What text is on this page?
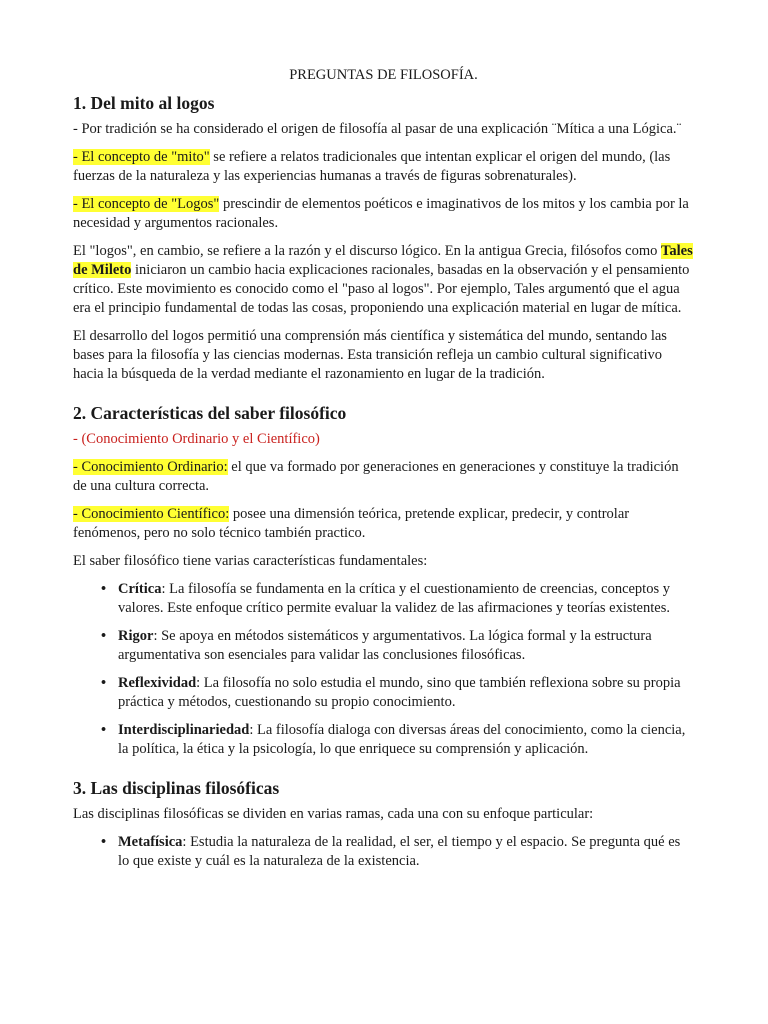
PREGUNTAS DE FILOSOFÍA.
1. Del mito al logos

- Por tradición se ha considerado el origen de filosofía al pasar de una explicación ¨Mítica a una Lógica.¨

- El concepto de "mito" se refiere a relatos tradicionales que intentan explicar el origen del mundo, (las fuerzas de la naturaleza y las experiencias humanas a través de figuras sobrenaturales).

- El concepto de "Logos" prescindir de elementos poéticos e imaginativos de los mitos y los cambia por la necesidad y argumentos racionales.

El "logos", en cambio, se refiere a la razón y el discurso lógico. En la antigua Grecia, filósofos como Tales de Mileto iniciaron un cambio hacia explicaciones racionales, basadas en la observación y el pensamiento crítico. Este movimiento es conocido como el "paso al logos". Por ejemplo, Tales argumentó que el agua era el principio fundamental de todas las cosas, proponiendo una explicación material en lugar de mítica.

El desarrollo del logos permitió una comprensión más científica y sistemática del mundo, sentando las bases para la filosofía y las ciencias modernas. Esta transición refleja un cambio cultural significativo hacia la búsqueda de la verdad mediante el razonamiento en lugar de la tradición.

2. Características del saber filosófico

- (Conocimiento Ordinario y el Científico)

- Conocimiento Ordinario: el que va formado por generaciones en generaciones y constituye la tradición de una cultura correcta.

- Conocimiento Científico: posee una dimensión teórica, pretende explicar, predecir, y controlar fenómenos, pero no solo técnico también practico.

El saber filosófico tiene varias características fundamentales:

• Crítica: La filosofía se fundamenta en la crítica y el cuestionamiento de creencias, conceptos y valores. Este enfoque crítico permite evaluar la validez de las afirmaciones y teorías existentes.
• Rigor: Se apoya en métodos sistemáticos y argumentativos. La lógica formal y la estructura argumentativa son esenciales para validar las conclusiones filosóficas.
• Reflexividad: La filosofía no solo estudia el mundo, sino que también reflexiona sobre su propia práctica y métodos, cuestionando su propio conocimiento.
• Interdisciplinariedad: La filosofía dialoga con diversas áreas del conocimiento, como la ciencia, la política, la ética y la psicología, lo que enriquece su comprensión y aplicación.
3. Las disciplinas filosóficas

Las disciplinas filosóficas se dividen en varias ramas, cada una con su enfoque particular:

• Metafísica: Estudia la naturaleza de la realidad, el ser, el tiempo y el espacio. Se pregunta qué es lo que existe y cuál es la naturaleza de la existencia.
